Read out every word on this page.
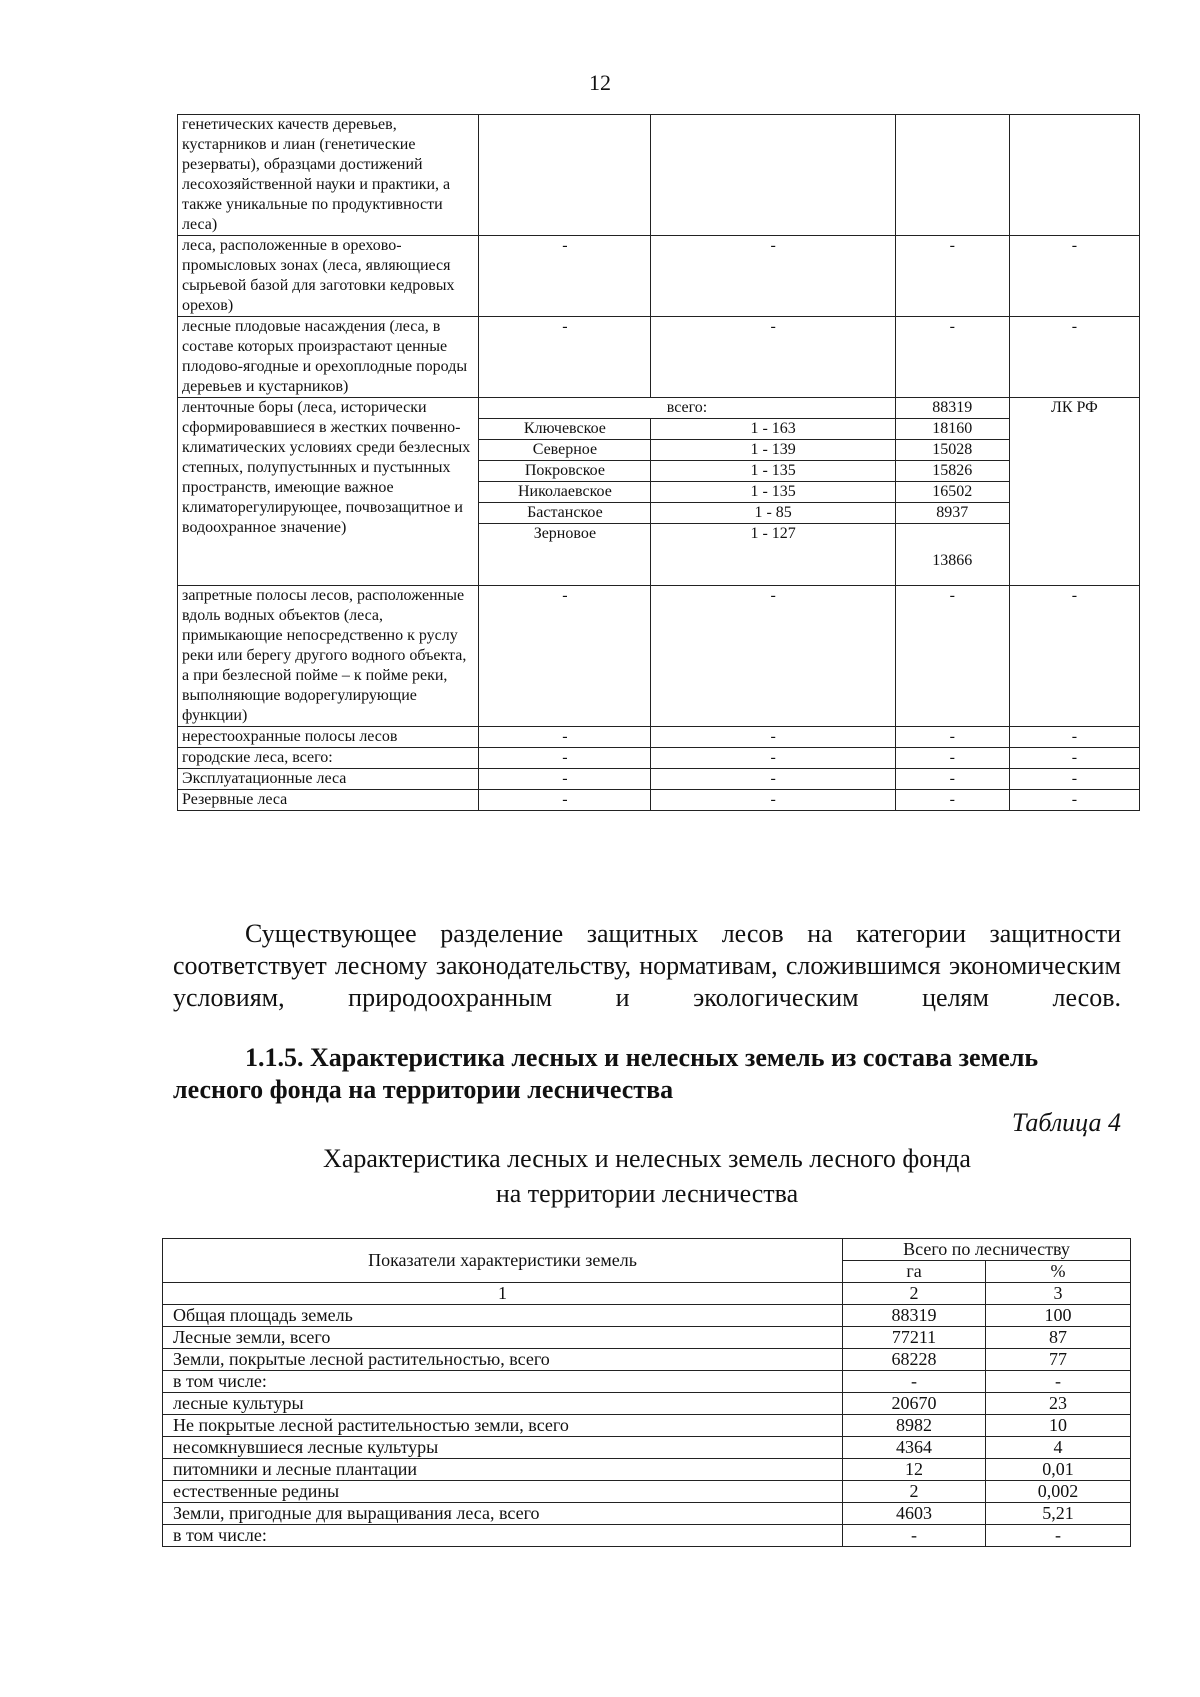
12
генетических качеств деревьев, кустарников и лиан (генетические резерваты), образцами достижений лесохозяйственной науки и практики, а также уникальные по продуктивности леса)				
леса, расположенные в орехово-промысловых зонах (леса, являющиеся сырьевой базой для заготовки кедровых орехов)	-	-	-	-
лесные плодовые насаждения (леса, в составе которых произрастают ценные плодово-ягодные и орехоплодные породы деревьев и кустарников)	-	-	-	-
ленточные боры (леса, исторически сформировавшиеся в жестких почвенно-климатических условиях среди безлесных степных, полупустынных и пустынных пространств, имеющие важное климаторегулирующее, почвозащитное и водоохранное значение)	всего:		88319	ЛК РФ
	Ключевское	1 - 163	18160	
	Северное	1 - 139	15028	
	Покровское	1 - 135	15826	
	Николаевское	1 - 135	16502	
	Бастанское	1 - 85	8937	
	Зерновое	1 - 127	13866	
запретные полосы лесов, расположенные вдоль водных объектов (леса, примыкающие непосредственно к руслу реки или берегу другого водного объекта, а при безлесной пойме – к пойме реки, выполняющие водорегулирующие функции)	-	-	-	-
нерестоохранные полосы лесов	-	-	-	-
городские леса, всего:	-	-	-	-
Эксплуатационные леса	-	-	-	-
Резервные леса	-	-	-	-
Существующее разделение защитных лесов на категории защитности соответствует лесному законодательству, нормативам, сложившимся экономическим условиям, природоохранным и экологическим целям лесов.
1.1.5. Характеристика лесных и нелесных земель из состава земель лесного фонда на территории лесничества
Таблица 4
Характеристика лесных и нелесных земель лесного фонда
на территории лесничества
Показатели характеристики земель	Всего по лесничеству	
	га	%
1	2	3
Общая площадь земель	88319	100
Лесные земли, всего	77211	87
Земли, покрытые лесной растительностью, всего	68228	77
в том числе:	-	-
лесные культуры	20670	23
Не покрытые лесной растительностью земли, всего	8982	10
несомкнувшиеся лесные культуры	4364	4
питомники и лесные плантации	12	0,01
естественные редины	2	0,002
Земли, пригодные для выращивания леса, всего	4603	5,21
в том числе:	-	-
